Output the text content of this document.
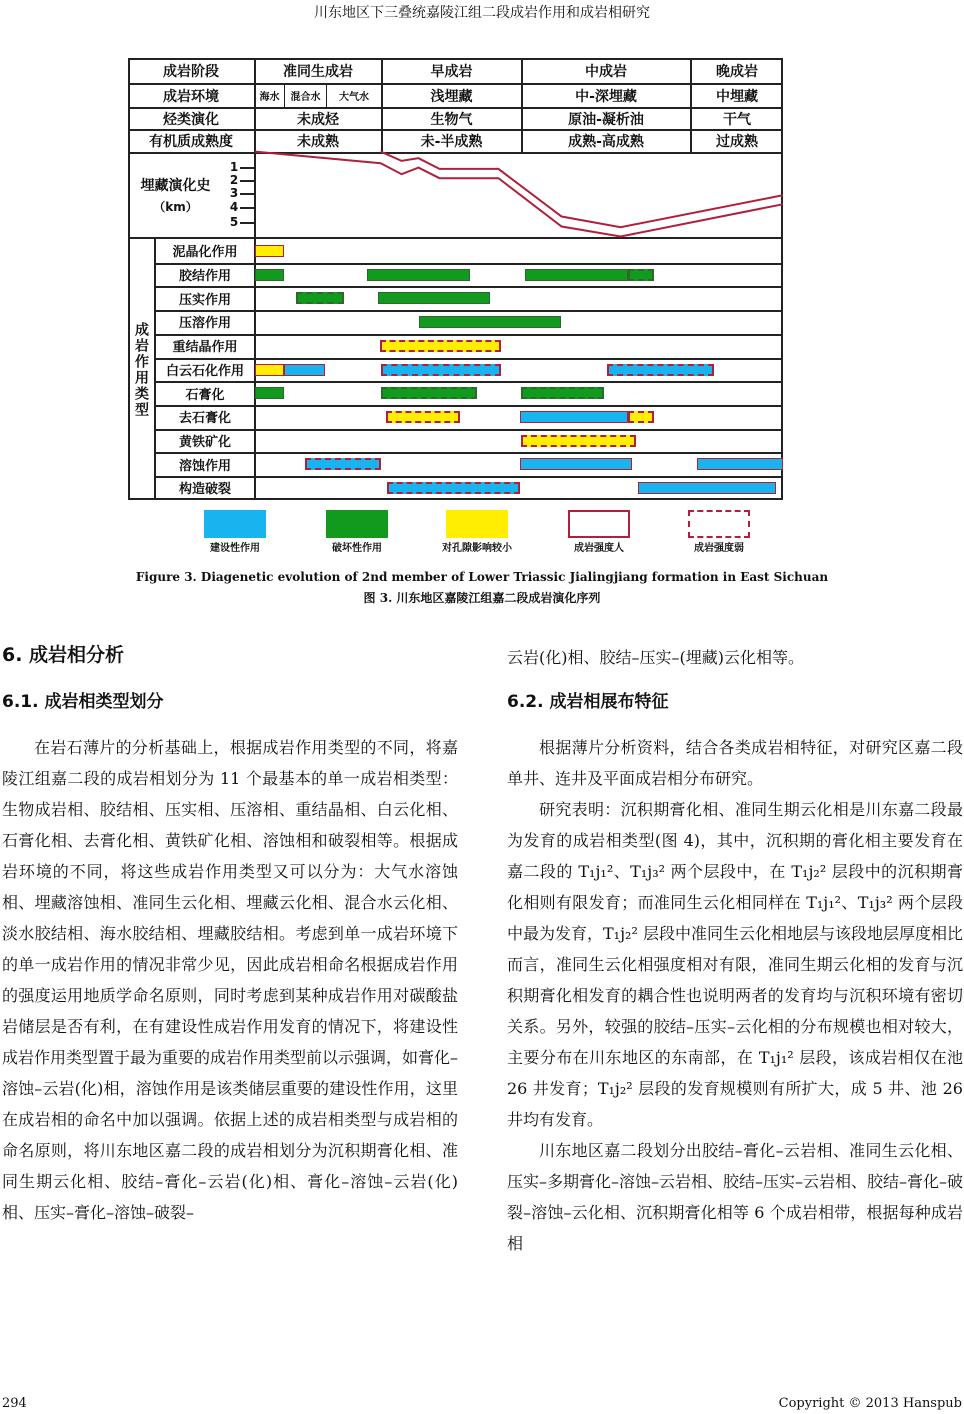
川东地区下三叠统嘉陵江组二段成岩作用和成岩相研究
成岩阶段	准同生成岩	早成岩	中成岩	晚成岩
成岩环境	海水	混合水	大气水	浅埋藏	中-深埋藏	中埋藏
烃类演化	未成烃	生物气	原油-凝析油	干气
有机质成熟度	未成熟	未-半成熟	成熟-高成熟	过成熟
埋藏演化史
（km）
1
2
3
4
5
成岩作用类型
泥晶化作用
胶结作用
压实作用
压溶作用
重结晶作用
白云石化作用
石膏化
去石膏化
黄铁矿化
溶蚀作用
构造破裂
建设性作用	破坏性作用	对孔隙影响较小	成岩强度人	成岩强度弱
Figure 3. Diagenetic evolution of 2nd member of Lower Triassic Jialingjiang formation in East Sichuan
图 3. 川东地区嘉陵江组嘉二段成岩演化序列
6. 成岩相分析
6.1. 成岩相类型划分

在岩石薄片的分析基础上，根据成岩作用类型的不同，将嘉陵江组嘉二段的成岩相划分为 11 个最基本的单一成岩相类型：生物成岩相、胶结相、压实相、压溶相、重结晶相、白云化相、石膏化相、去膏化相、黄铁矿化相、溶蚀相和破裂相等。根据成岩环境的不同，将这些成岩作用类型又可以分为：大气水溶蚀相、埋藏溶蚀相、准同生云化相、埋藏云化相、混合水云化相、淡水胶结相、海水胶结相、埋藏胶结相。考虑到单一成岩环境下的单一成岩作用的情况非常少见，因此成岩相命名根据成岩作用的强度运用地质学命名原则，同时考虑到某种成岩作用对碳酸盐岩储层是否有利，在有建设性成岩作用发育的情况下，将建设性成岩作用类型置于最为重要的成岩作用类型前以示强调，如膏化–溶蚀–云岩(化)相，溶蚀作用是该类储层重要的建设性作用，这里在成岩相的命名中加以强调。依据上述的成岩相类型与成岩相的命名原则，将川东地区嘉二段的成岩相划分为沉积期膏化相、准同生期云化相、胶结–膏化–云岩(化)相、膏化–溶蚀–云岩(化)相、压实–膏化–溶蚀–破裂–

云岩(化)相、胶结–压实–(埋藏)云化相等。

6.2. 成岩相展布特征

根据薄片分析资料，结合各类成岩相特征，对研究区嘉二段单井、连井及平面成岩相分布研究。

研究表明：沉积期膏化相、准同生期云化相是川东嘉二段最为发育的成岩相类型(图 4)，其中，沉积期的膏化相主要发育在嘉二段的 T₁j₁²、T₁j₃² 两个层段中，在 T₁j₂² 层段中的沉积期膏化相则有限发育；而准同生云化相同样在 T₁j₁²、T₁j₃² 两个层段中最为发育，T₁j₂² 层段中准同生云化相地层与该段地层厚度相比而言，准同生云化相强度相对有限，准同生期云化相的发育与沉积期膏化相发育的耦合性也说明两者的发育均与沉积环境有密切关系。另外，较强的胶结–压实–云化相的分布规模也相对较大，主要分布在川东地区的东南部，在 T₁j₁² 层段，该成岩相仅在池 26 井发育；T₁j₂² 层段的发育规模则有所扩大，成 5 井、池 26 井均有发育。

川东地区嘉二段划分出胶结–膏化–云岩相、准同生云化相、压实–多期膏化–溶蚀–云岩相、胶结–压实–云岩相、胶结–膏化–破裂–溶蚀–云化相、沉积期膏化相等 6 个成岩相带，根据每种成岩相

294	Copyright © 2013 Hanspub
